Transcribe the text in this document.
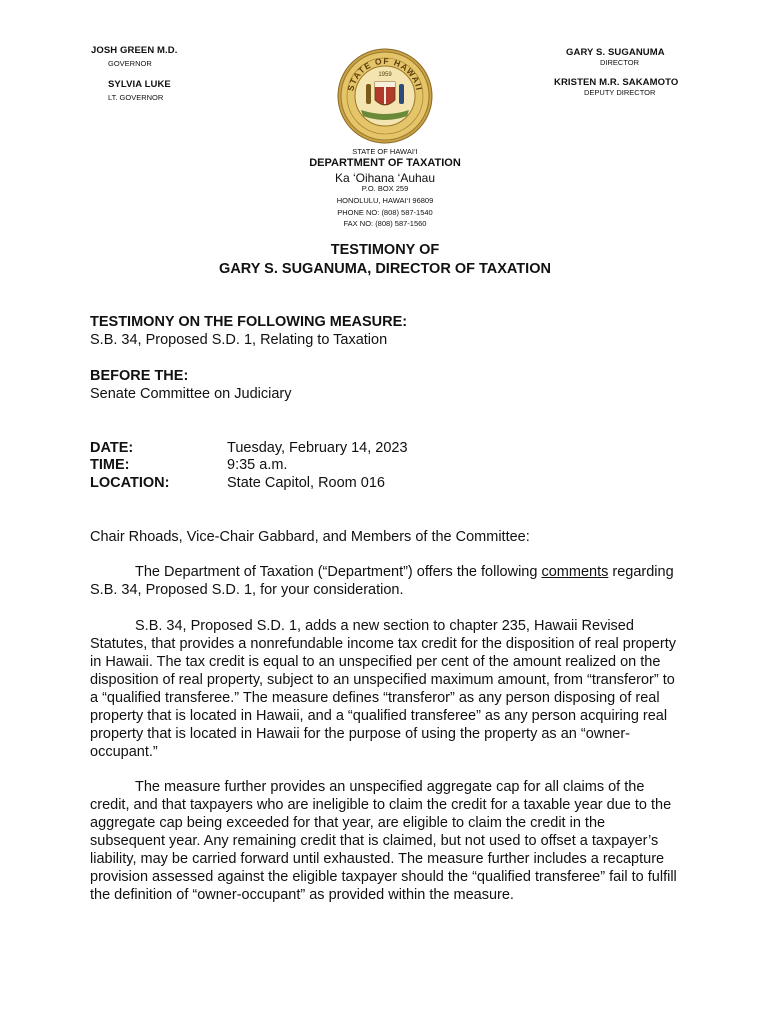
JOSH GREEN M.D.
GOVERNOR
SYLVIA LUKE
LT. GOVERNOR
GARY S. SUGANUMA
DIRECTOR
KRISTEN M.R. SAKAMOTO
DEPUTY DIRECTOR
STATE OF HAWAII
1959
STATE OF HAWAI‘I
DEPARTMENT OF TAXATION
Ka ‘Oihana ‘Auhau
P.O. BOX 259
HONOLULU, HAWAI‘I 96809
PHONE NO: (808) 587-1540
FAX NO: (808) 587-1560
TESTIMONY OF
GARY S. SUGANUMA, DIRECTOR OF TAXATION
TESTIMONY ON THE FOLLOWING MEASURE:
S.B. 34, Proposed S.D. 1, Relating to Taxation
BEFORE THE:
Senate Committee on Judiciary
DATE:	Tuesday, February 14, 2023
TIME:	9:35 a.m.
LOCATION:	State Capitol, Room 016
Chair Rhoads, Vice-Chair Gabbard, and Members of the Committee:
The Department of Taxation (“Department”) offers the following comments regarding S.B. 34, Proposed S.D. 1, for your consideration.
S.B. 34, Proposed S.D. 1, adds a new section to chapter 235, Hawaii Revised Statutes, that provides a nonrefundable income tax credit for the disposition of real property in Hawaii. The tax credit is equal to an unspecified per cent of the amount realized on the disposition of real property, subject to an unspecified maximum amount, from “transferor” to a “qualified transferee.” The measure defines “transferor” as any person disposing of real property that is located in Hawaii, and a “qualified transferee” as any person acquiring real property that is located in Hawaii for the purpose of using the property as an “owner-occupant.”
The measure further provides an unspecified aggregate cap for all claims of the credit, and that taxpayers who are ineligible to claim the credit for a taxable year due to the aggregate cap being exceeded for that year, are eligible to claim the credit in the subsequent year. Any remaining credit that is claimed, but not used to offset a taxpayer’s liability, may be carried forward until exhausted. The measure further includes a recapture provision assessed against the eligible taxpayer should the “qualified transferee” fail to fulfill the definition of “owner-occupant” as provided within the measure.
